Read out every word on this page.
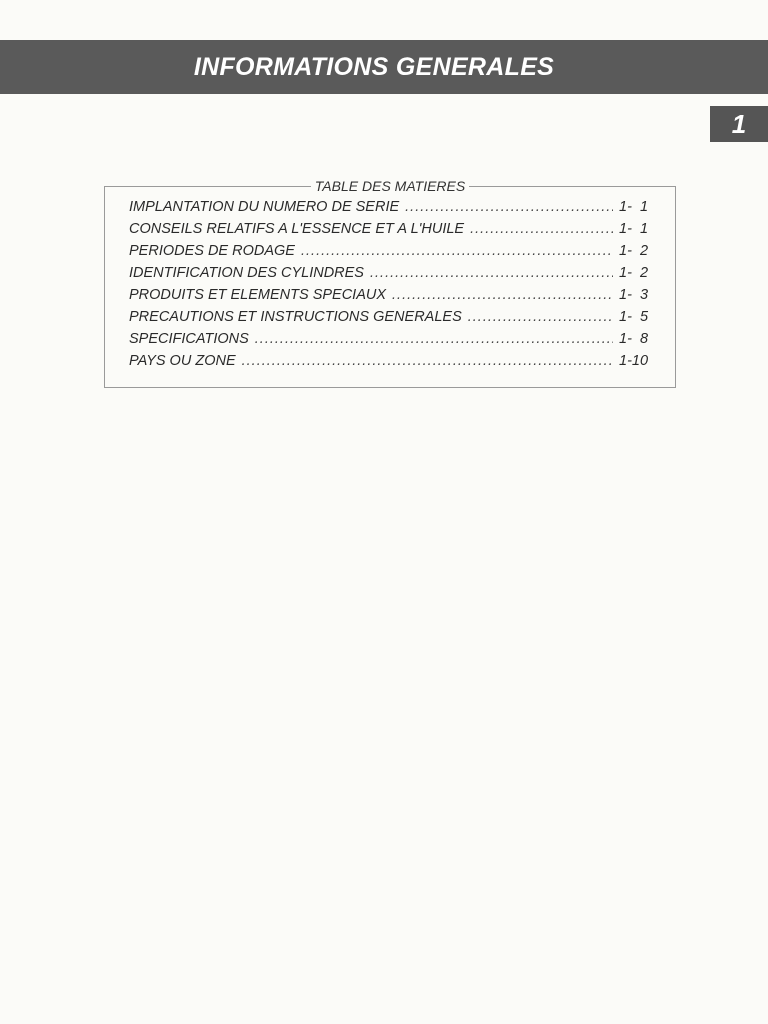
INFORMATIONS GENERALES
1
TABLE DES MATIERES
IMPLANTATION DU NUMERO DE SERIE .....	1-  1
CONSEILS RELATIFS A L'ESSENCE ET A L'HUILE .....	1-  1
PERIODES DE RODAGE .....	1-  2
IDENTIFICATION DES CYLINDRES .....	1-  2
PRODUITS ET ELEMENTS SPECIAUX .....	1-  3
PRECAUTIONS ET INSTRUCTIONS GENERALES .....	1-  5
SPECIFICATIONS .....	1-  8
PAYS OU ZONE .....	1-10
